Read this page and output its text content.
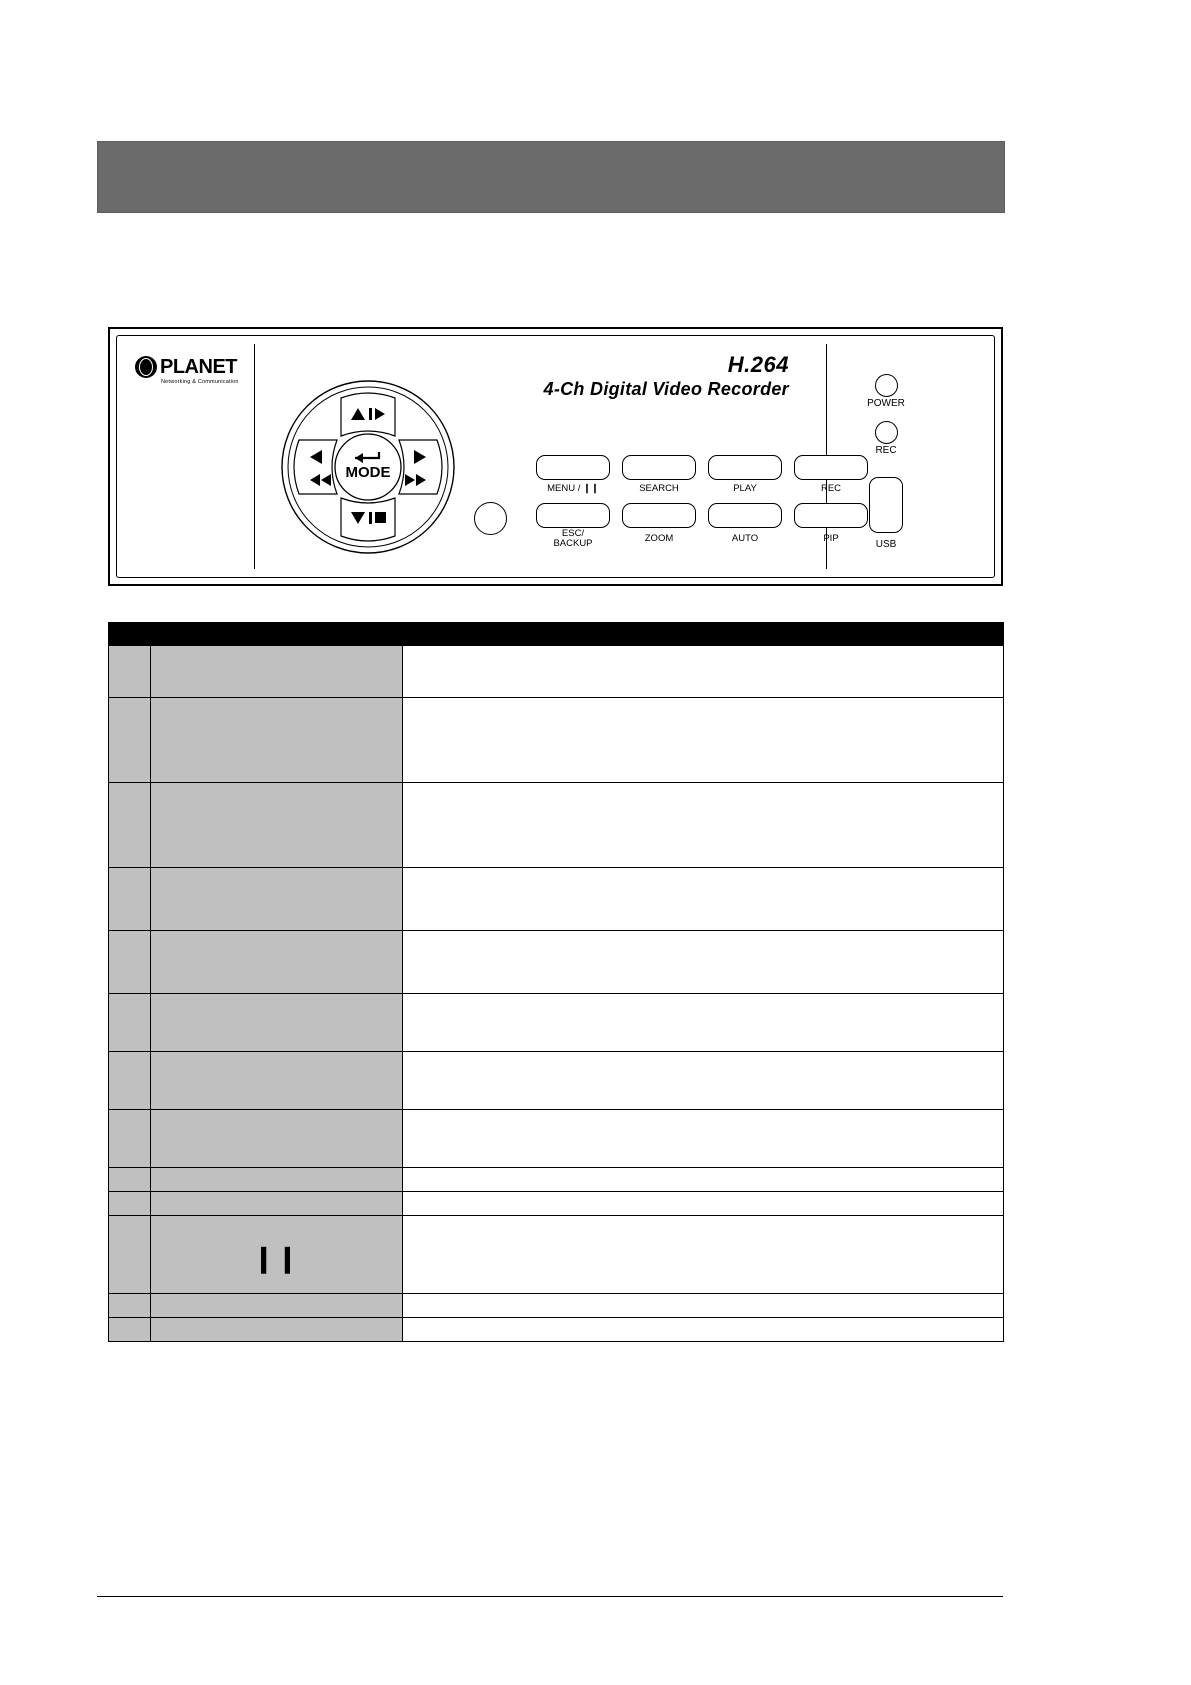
PLANET
Networking & Communication
H.264
4-Ch Digital Video Recorder
MODE
MENU / ❙❙	SEARCH	PLAY	REC
ESC/
BACKUP	ZOOM	AUTO	PIP
POWER
REC
USB

	❙❙	
